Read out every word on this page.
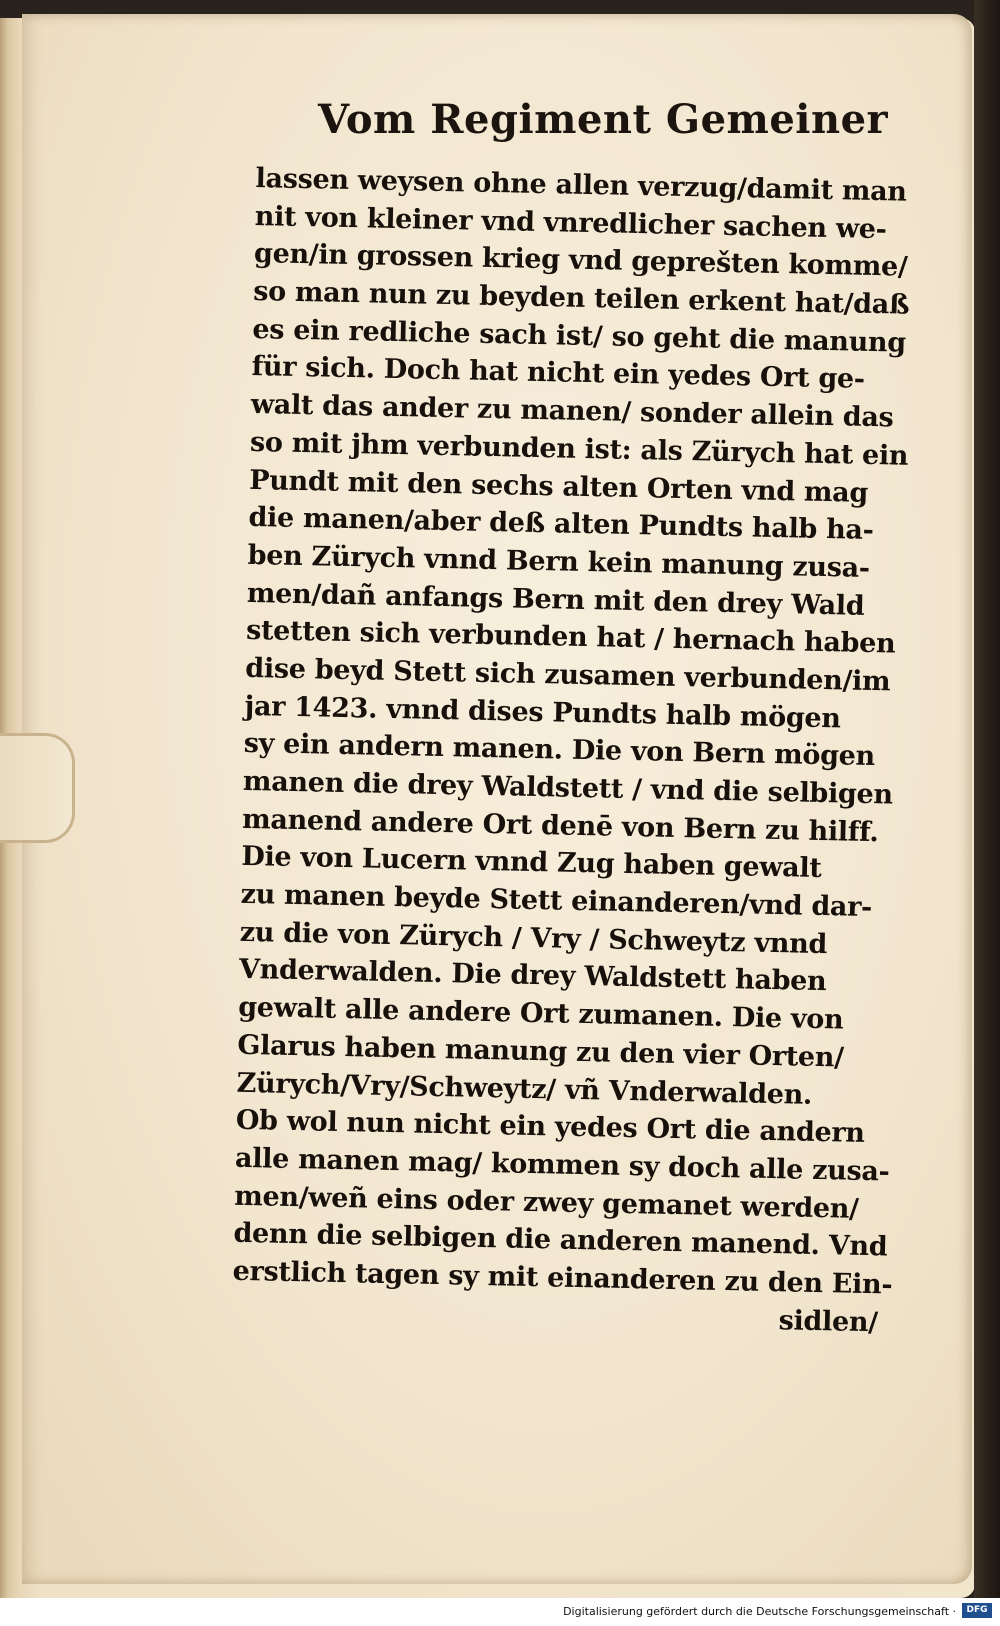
Vom Regiment Gemeiner
lassen weysen ohne allen verzug/damit man
nit von kleiner vnd vnredlicher sachen we-
gen/in grossen krieg vnd geprešten komme/
so man nun zu beyden teilen erkent hat/daß
es ein redliche sach ist/ so geht die manung
für sich. Doch hat nicht ein yedes Ort ge-
walt das ander zu manen/ sonder allein das
so mit jhm verbunden ist: als Zürych hat ein
Pundt mit den sechs alten Orten vnd mag
die manen/aber deß alten Pundts halb ha-
ben Zürych vnnd Bern kein manung zusa-
men/dañ anfangs Bern mit den drey Wald
stetten sich verbunden hat / hernach haben
dise beyd Stett sich zusamen verbunden/im
jar 1423. vnnd dises Pundts halb mögen
sy ein andern manen. Die von Bern mögen
manen die drey Waldstett / vnd die selbigen
manend andere Ort denē von Bern zu hilff.
Die von Lucern vnnd Zug haben gewalt
zu manen beyde Stett einanderen/vnd dar-
zu die von Zürych / Vry / Schweytz vnnd
Vnderwalden. Die drey Waldstett haben
gewalt alle andere Ort zumanen. Die von
Glarus haben manung zu den vier Orten/
Zürych/Vry/Schweytz/ vñ Vnderwalden.
Ob wol nun nicht ein yedes Ort die andern
alle manen mag/ kommen sy doch alle zusa-
men/weñ eins oder zwey gemanet werden/
denn die selbigen die anderen manend. Vnd
erstlich tagen sy mit einanderen zu den Ein-
sidlen/
Digitalisierung gefördert durch die Deutsche Forschungsgemeinschaft ·	DFG
